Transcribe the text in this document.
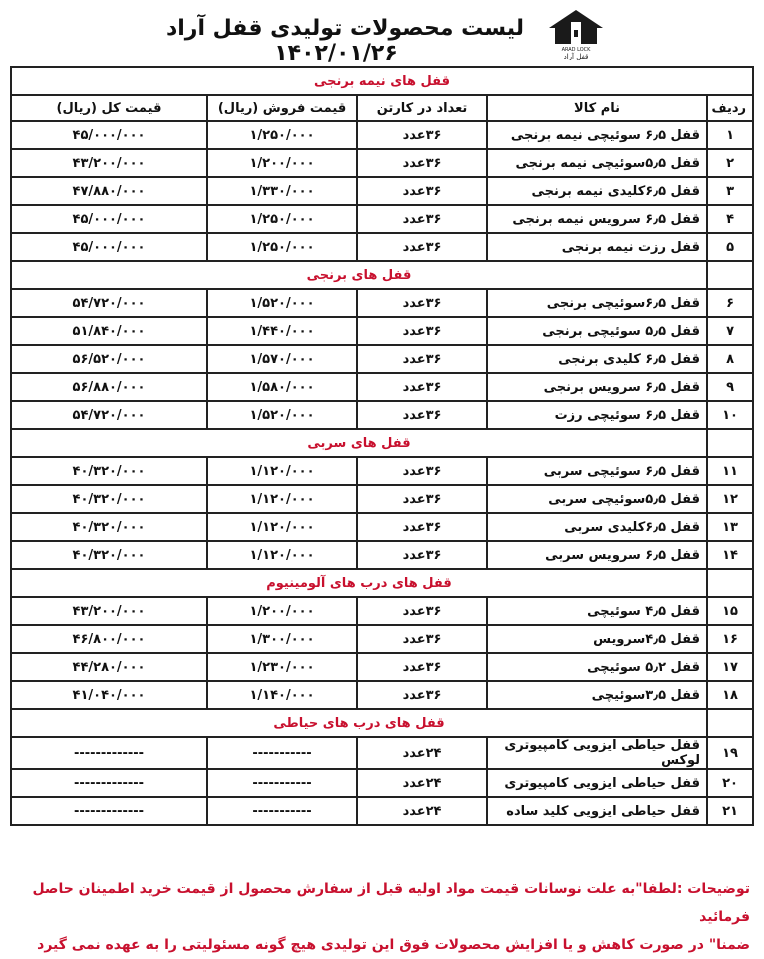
لیست محصولات تولیدی قفل آراد ۱۴۰۲/۰۱/۲۶	ARAD LOCK
قفل آراد
قفل های نیمه برنجی				
ردیف	نام کالا	تعداد در کارتن	قیمت فروش (ریال)	قیمت کل (ریال)
۱	قفل ۶٫۵ سوئیچی نیمه برنجی	۳۶عدد	۱/۲۵۰/۰۰۰	۴۵/۰۰۰/۰۰۰
۲	قفل ۵٫۵سوئیچی نیمه برنجی	۳۶عدد	۱/۲۰۰/۰۰۰	۴۳/۲۰۰/۰۰۰
۳	قفل ۶٫۵کلیدی نیمه برنجی	۳۶عدد	۱/۳۳۰/۰۰۰	۴۷/۸۸۰/۰۰۰
۴	قفل ۶٫۵ سرویس نیمه برنجی	۳۶عدد	۱/۲۵۰/۰۰۰	۴۵/۰۰۰/۰۰۰
۵	قفل رزت نیمه برنجی	۳۶عدد	۱/۲۵۰/۰۰۰	۴۵/۰۰۰/۰۰۰
	قفل های برنجی			
۶	قفل ۶٫۵سوئیچی برنجی	۳۶عدد	۱/۵۲۰/۰۰۰	۵۴/۷۲۰/۰۰۰
۷	قفل ۵٫۵ سوئیچی برنجی	۳۶عدد	۱/۴۴۰/۰۰۰	۵۱/۸۴۰/۰۰۰
۸	قفل ۶٫۵ کلیدی برنجی	۳۶عدد	۱/۵۷۰/۰۰۰	۵۶/۵۲۰/۰۰۰
۹	قفل ۶٫۵ سرویس برنجی	۳۶عدد	۱/۵۸۰/۰۰۰	۵۶/۸۸۰/۰۰۰
۱۰	قفل ۶٫۵ سوئیچی رزت	۳۶عدد	۱/۵۲۰/۰۰۰	۵۴/۷۲۰/۰۰۰
	قفل های سربی			
۱۱	قفل ۶٫۵ سوئیچی سربی	۳۶عدد	۱/۱۲۰/۰۰۰	۴۰/۳۲۰/۰۰۰
۱۲	قفل ۵٫۵سوئیچی سربی	۳۶عدد	۱/۱۲۰/۰۰۰	۴۰/۳۲۰/۰۰۰
۱۳	قفل ۶٫۵کلیدی سربی	۳۶عدد	۱/۱۲۰/۰۰۰	۴۰/۳۲۰/۰۰۰
۱۴	قفل ۶٫۵ سرویس سربی	۳۶عدد	۱/۱۲۰/۰۰۰	۴۰/۳۲۰/۰۰۰
	قفل های درب های آلومینیوم			
۱۵	قفل ۴٫۵ سوئیچی	۳۶عدد	۱/۲۰۰/۰۰۰	۴۳/۲۰۰/۰۰۰
۱۶	قفل ۴٫۵سرویس	۳۶عدد	۱/۳۰۰/۰۰۰	۴۶/۸۰۰/۰۰۰
۱۷	قفل ۵٫۲ سوئیچی	۳۶عدد	۱/۲۳۰/۰۰۰	۴۴/۲۸۰/۰۰۰
۱۸	قفل ۳٫۵سوئیچی	۳۶عدد	۱/۱۴۰/۰۰۰	۴۱/۰۴۰/۰۰۰
	قفل های درب های حیاطی			
۱۹	قفل حیاطی ایزویی کامپیوتری لوکس	۲۴عدد	-----------	-------------
۲۰	قفل حیاطی ایزویی کامپیوتری	۲۴عدد	-----------	-------------
۲۱	قفل حیاطی ایزویی کلید ساده	۲۴عدد	-----------	-------------
توضیحات :لطفا"به علت نوسانات قیمت مواد اولیه قبل از سفارش محصول از قیمت خرید اطمینان حاصل فرمائید
ضمنا" در صورت کاهش و یا افزایش محصولات فوق این تولیدی هیچ گونه مسئولیتی را به عهده نمی گیرد
